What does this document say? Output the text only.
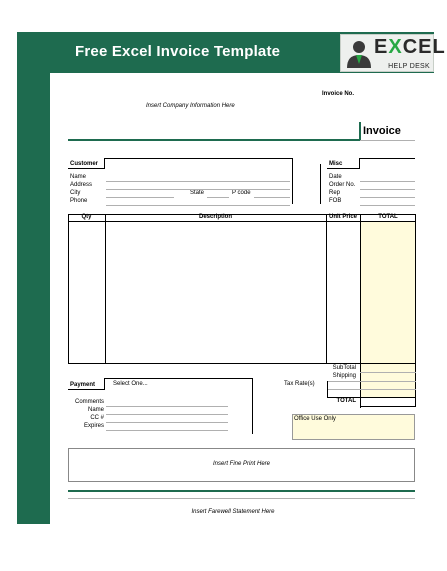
Free Excel Invoice Template	EXCEL
HELP DESK
Insert Company Information Here
Invoice No.
Invoice
Customer
Name
Address
City
Phone
State	P code
Misc
Date
Order No.
Rep
FOB
Qty	Description	Unit Price	TOTAL
SubTotal
Shipping
Tax Rate(s)
TOTAL
Payment	Select One...
Comments
Name
CC #
Expires
Office Use Only
Insert Fine Print Here
Insert Farewell Statement Here
